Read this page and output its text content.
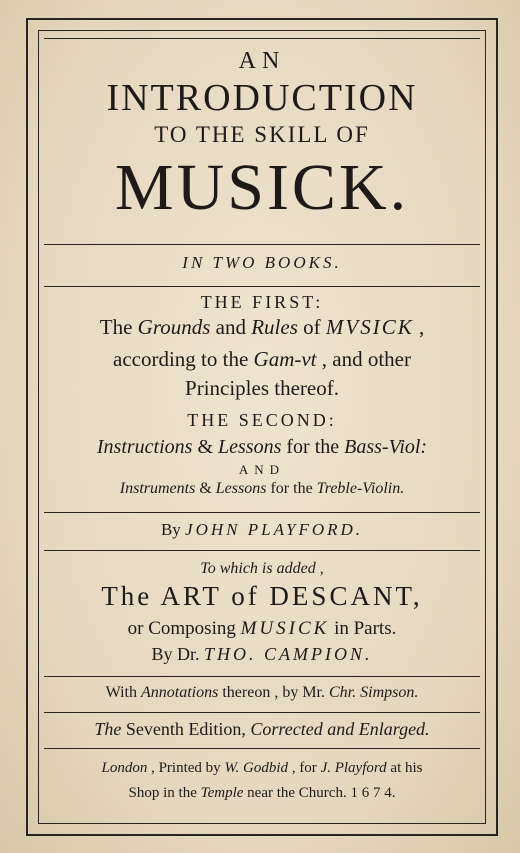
AN
INTRODUCTION
TO THE SKILL OF
MUSICK.
IN TWO BOOKS.
THE FIRST:
The Grounds and Rules of MVSICK ,
according to the Gam-vt , and other
Principles thereof.
THE SECOND:
Instructions & Lessons for the Bass-Viol:
AND
Instruments & Lessons for the Treble-Violin.
By JOHN PLAYFORD.
To which is added ,
The ART of DESCANT,
or Composing MUSICK in Parts.
By Dr. THO. CAMPION.
With Annotations thereon , by Mr. Chr. Simpson.
The Seventh Edition, Corrected and Enlarged.
London , Printed by W. Godbid , for J. Playford at his
Shop in the Temple near the Church. 1 6 7 4.
